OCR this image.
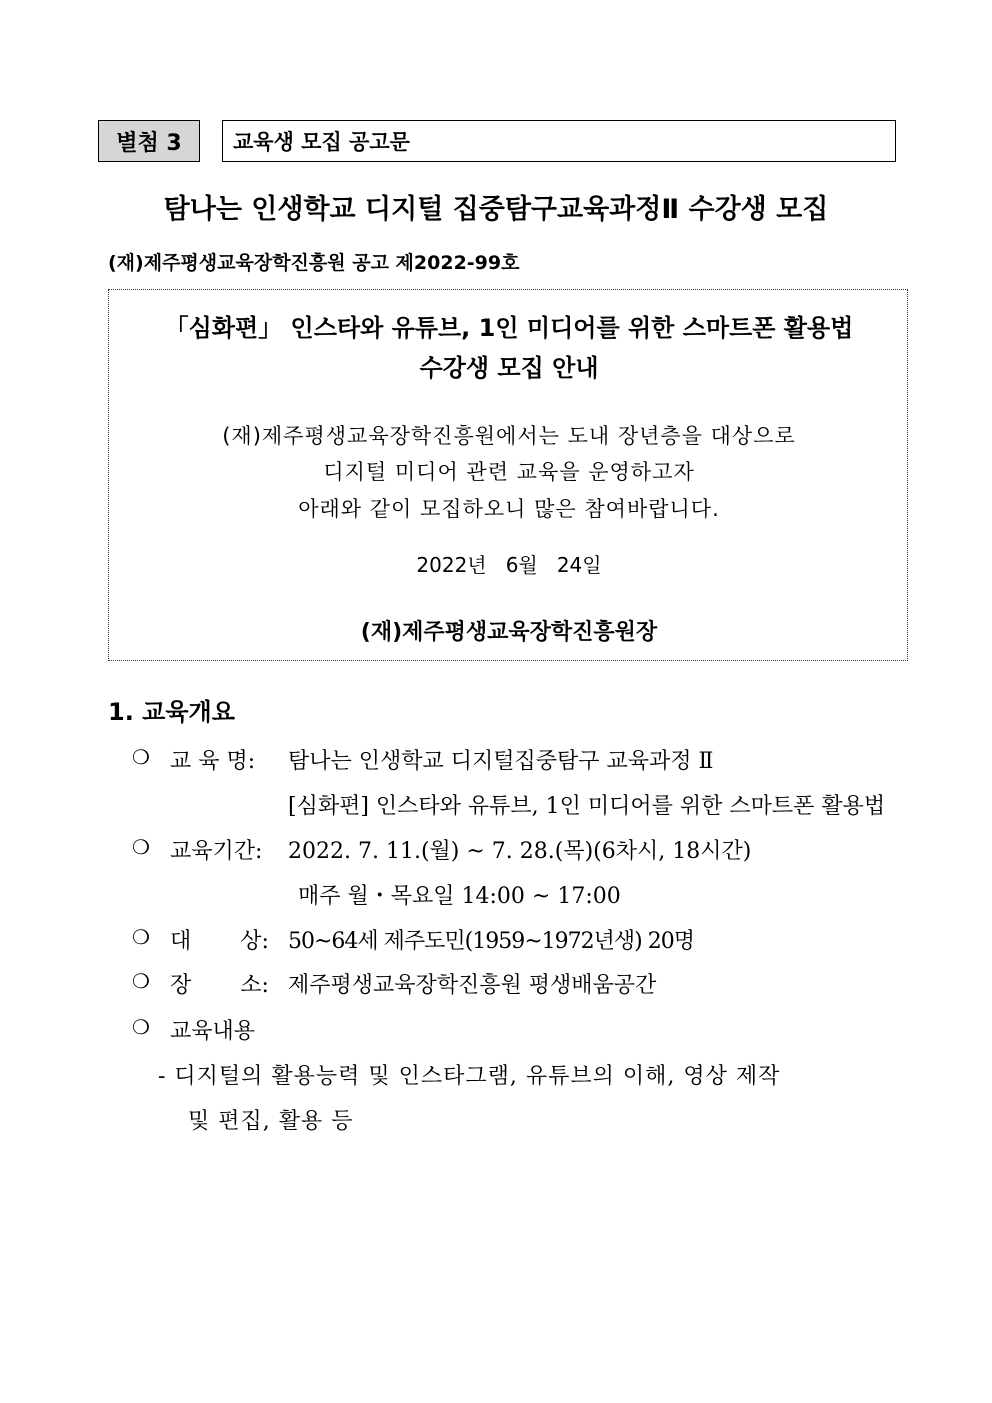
별첨 3 교육생 모집 공고문
탐나는 인생학교 디지털 집중탐구교육과정Ⅱ 수강생 모집
(재)제주평생교육장학진흥원 공고 제2022-99호
「심화편」 인스타와 유튜브, 1인 미디어를 위한 스마트폰 활용법
수강생 모집 안내
(재)제주평생교육장학진흥원에서는 도내 장년층을 대상으로
디지털 미디어 관련 교육을 운영하고자
아래와 같이 모집하오니 많은 참여바랍니다.
2022년   6월   24일
(재)제주평생교육장학진흥원장
1. 교육개요
❍ 교 육 명: 탐나는 인생학교 디지털집중탐구 교육과정 Ⅱ
[심화편] 인스타와 유튜브, 1인 미디어를 위한 스마트폰 활용법
❍ 교육기간: 2022. 7. 11.(월) ~ 7. 28.(목)(6차시, 18시간)
매주 월・목요일 14:00 ~ 17:00
❍ 대       상: 50~64세 제주도민(1959~1972년생) 20명
❍ 장       소: 제주평생교육장학진흥원 평생배움공간
❍ 교육내용
- 디지털의 활용능력 및 인스타그램, 유튜브의 이해, 영상 제작
및 편집, 활용 등
